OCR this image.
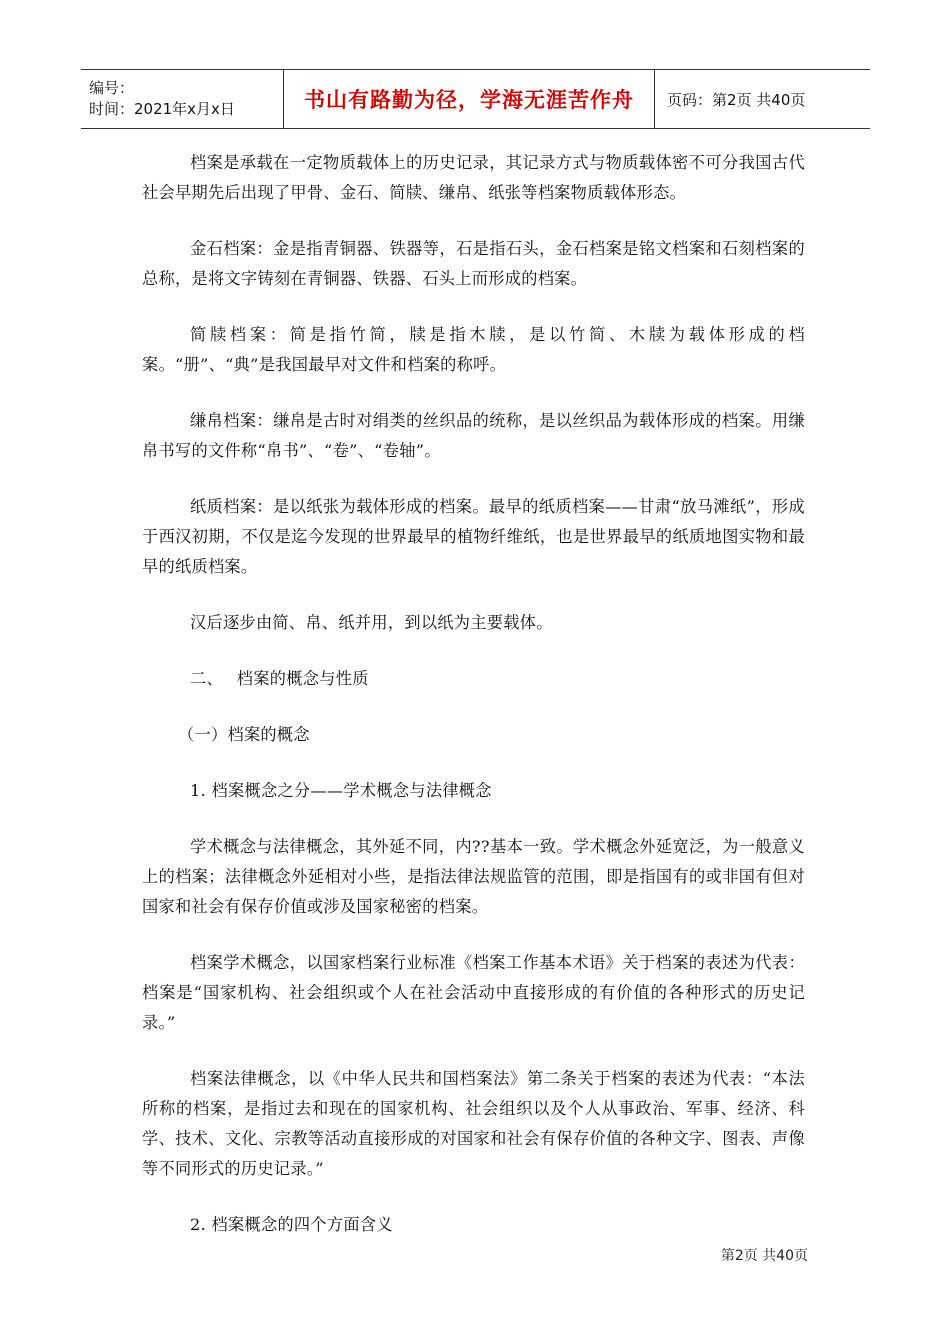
编号：
时间：2021年x月x日	书山有路勤为径，学海无涯苦作舟 页码：第2页 共40页

档案是承载在一定物质载体上的历史记录，其记录方式与物质载体密不可分我国古代社会早期先后出现了甲骨、金石、简牍、缣帛、纸张等档案物质载体形态。

金石档案：金是指青铜器、铁器等，石是指石头，金石档案是铭文档案和石刻档案的总称，是将文字铸刻在青铜器、铁器、石头上而形成的档案。

简牍档案：简是指竹简，牍是指木牍，是以竹简、木牍为载体形成的档案。“册”、“典”是我国最早对文件和档案的称呼。

缣帛档案：缣帛是古时对绢类的丝织品的统称，是以丝织品为载体形成的档案。用缣帛书写的文件称“帛书”、“卷”、“卷轴”。

纸质档案：是以纸张为载体形成的档案。最早的纸质档案——甘肃“放马滩纸”，形成于西汉初期，不仅是迄今发现的世界最早的植物纤维纸，也是世界最早的纸质地图实物和最早的纸质档案。

汉后逐步由简、帛、纸并用，到以纸为主要载体。

二、　 档案的概念与性质

（一）档案的概念

1. 档案概念之分——学术概念与法律概念

学术概念与法律概念，其外延不同，内??基本一致。学术概念外延宽泛，为一般意义上的档案；法律概念外延相对小些，是指法律法规监管的范围，即是指国有的或非国有但对国家和社会有保存价值或涉及国家秘密的档案。

档案学术概念，以国家档案行业标准《档案工作基本术语》关于档案的表述为代表：档案是“国家机构、社会组织或个人在社会活动中直接形成的有价值的各种形式的历史记录。”

档案法律概念，以《中华人民共和国档案法》第二条关于档案的表述为代表：“本法所称的档案，是指过去和现在的国家机构、社会组织以及个人从事政治、军事、经济、科学、技术、文化、宗教等活动直接形成的对国家和社会有保存价值的各种文字、图表、声像等不同形式的历史记录。”

2. 档案概念的四个方面含义

第2页 共40页
